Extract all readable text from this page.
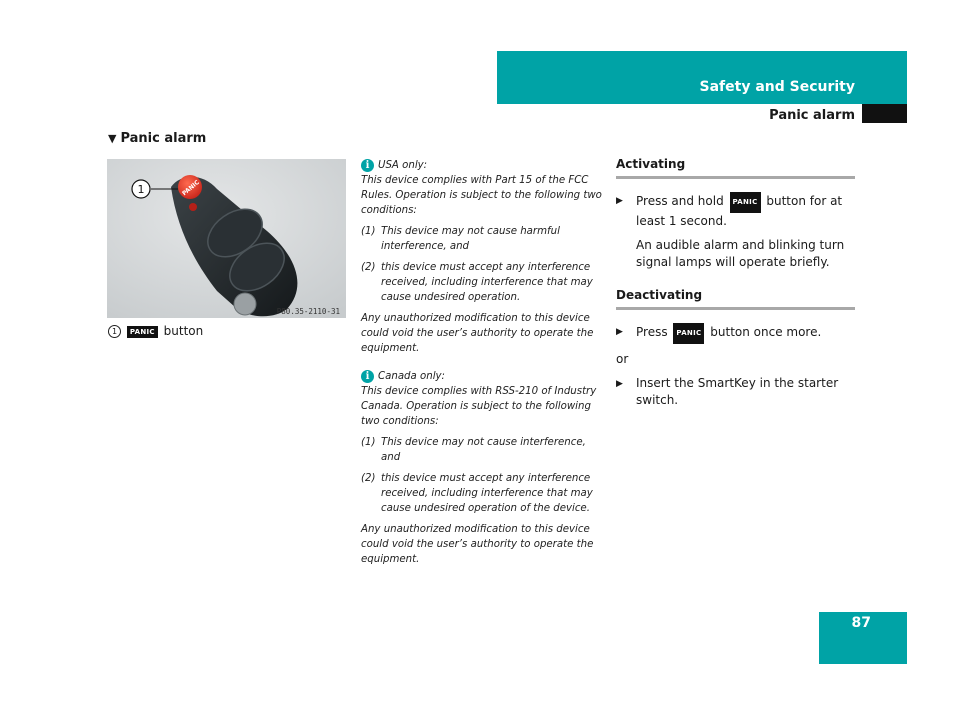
Safety and Security
Panic alarm
87
▼ Panic alarm
PANIC
1
P80.35-2110-31
1 PANIC button
i USA only:

This device complies with Part 15 of the FCC Rules. Operation is subject to the following two conditions:

(1) This device may not cause harmful interference, and
(2) this device must accept any interference received, including interference that may cause undesired operation.

Any unauthorized modification to this device could void the user’s authority to operate the equipment.

i Canada only:

This device complies with RSS-210 of Industry Canada. Operation is subject to the following two conditions:

(1) This device may not cause interference, and
(2) this device must accept any interference received, including interference that may cause undesired operation of the device.

Any unauthorized modification to this device could void the user’s authority to operate the equipment.

Activating
▶	Press and hold PANIC button for at least 1 second.
An audible alarm and blinking turn signal lamps will operate briefly.
Deactivating
▶	Press PANIC button once more.
or
▶	Insert the SmartKey in the starter switch.
